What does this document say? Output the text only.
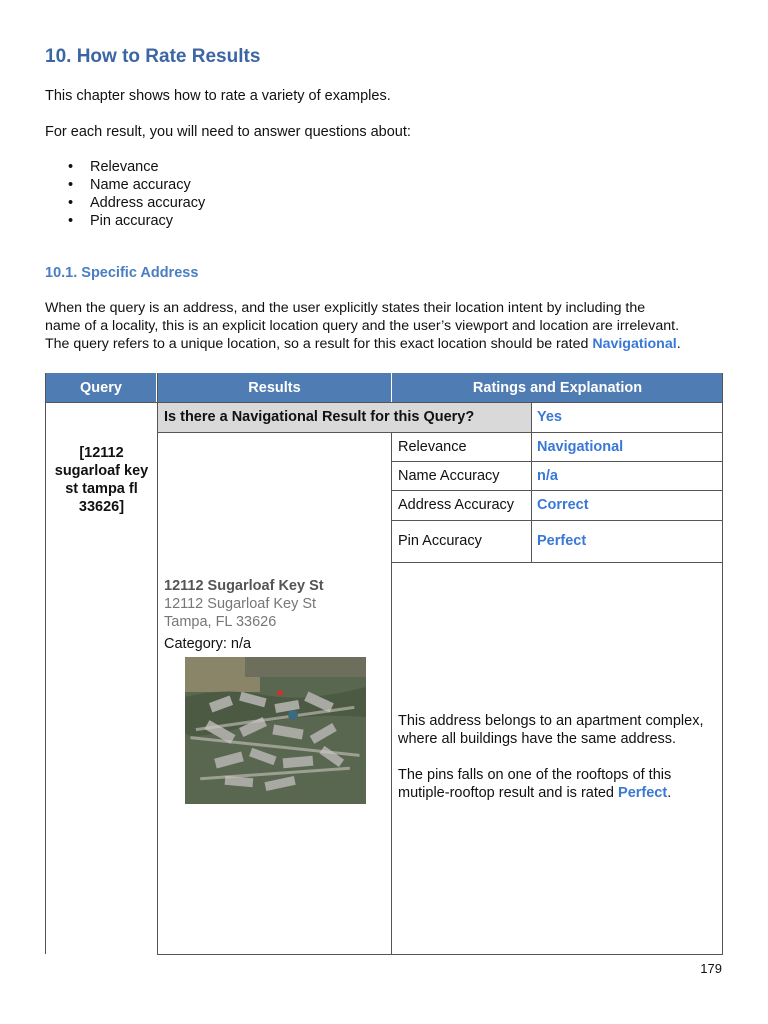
10. How to Rate Results

This chapter shows how to rate a variety of examples.

For each result, you will need to answer questions about:

• Relevance
• Name accuracy
• Address accuracy
• Pin accuracy
10.1. Specific Address
When the query is an address, and the user explicitly states their location intent by including the
name of a locality, this is an explicit location query and the user’s viewport and location are irrelevant.
The query refers to a unique location, so a result for this exact location should be rated Navigational.
Query	Results	Ratings and Explanation
[12112
sugarloaf key
st tampa fl
33626]
Is there a Navigational Result for this Query?	Yes
Relevance	Navigational
Name Accuracy	n/a
Address Accuracy Correct
Pin Accuracy	Perfect
12112 Sugarloaf Key St
12112 Sugarloaf Key St
Tampa, FL 33626
Category: n/a
This address belongs to an apartment complex,
where all buildings have the same address.
The pins falls on one of the rooftops of this
mutiple-rooftop result and is rated Perfect.
179
